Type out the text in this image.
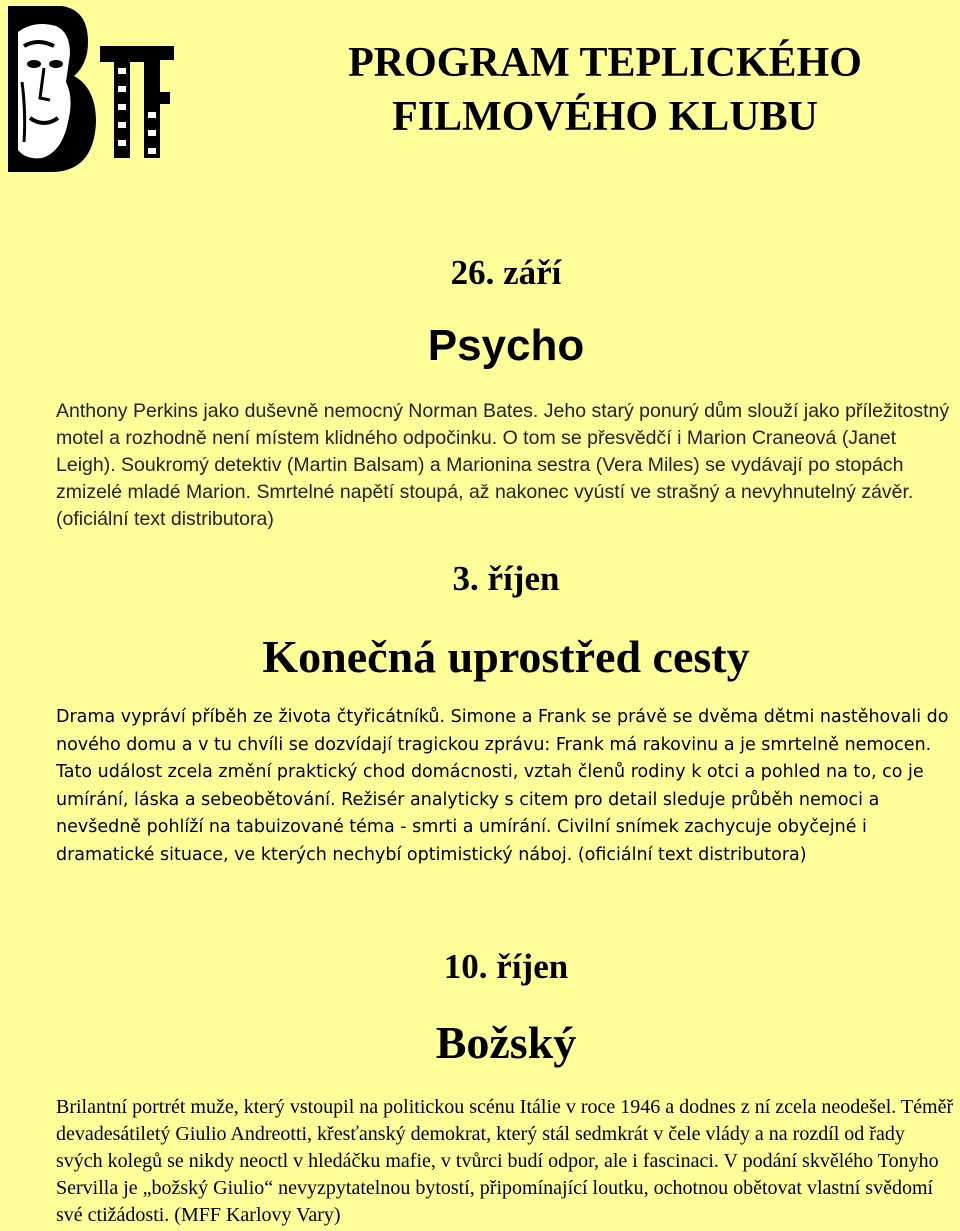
PROGRAM TEPLICKÉHO
FILMOVÉHO KLUBU
26. září
Psycho
Anthony Perkins jako duševně nemocný Norman Bates. Jeho starý ponurý dům slouží jako příležitostný motel a rozhodně není místem klidného odpočinku. O tom se přesvědčí i Marion Craneová (Janet Leigh). Soukromý detektiv (Martin Balsam) a Marionina sestra (Vera Miles) se vydávají po stopách zmizelé mladé Marion. Smrtelné napětí stoupá, až nakonec vyústí ve strašný a nevyhnutelný závěr. (oficiální text distributora)
3. říjen
Konečná uprostřed cesty
Drama vypráví příběh ze života čtyřicátníků. Simone a Frank se právě se dvěma dětmi nastěhovali do nového domu a v tu chvíli se dozvídají tragickou zprávu: Frank má rakovinu a je smrtelně nemocen. Tato událost zcela změní praktický chod domácnosti, vztah členů rodiny k otci a pohled na to, co je umírání, láska a sebeobětování. Režisér analyticky s citem pro detail sleduje průběh nemoci a nevšedně pohlíží na tabuizované téma - smrti a umírání. Civilní snímek zachycuje obyčejné i dramatické situace, ve kterých nechybí optimistický náboj. (oficiální text distributora)
10. říjen
Božský
Brilantní portrét muže, který vstoupil na politickou scénu Itálie v roce 1946 a dodnes z ní zcela neodešel. Téměř devadesátiletý Giulio Andreotti, křesťanský demokrat, který stál sedmkrát v čele vlády a na rozdíl od řady svých kolegů se nikdy neoctl v hledáčku mafie, v tvůrci budí odpor, ale i fascinaci. V podání skvělého Tonyho Servilla je „božský Giulio“ nevyzpytatelnou bytostí, připomínající loutku, ochotnou obětovat vlastní svědomí své ctižádosti. (MFF Karlovy Vary)
